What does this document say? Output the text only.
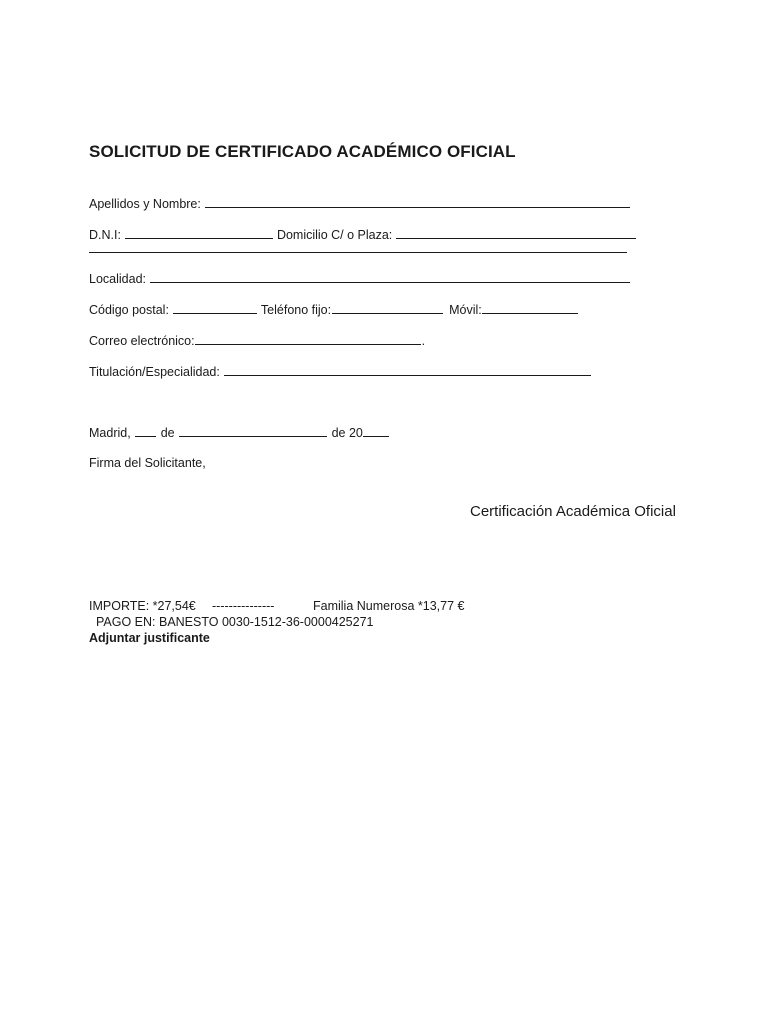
SOLICITUD DE CERTIFICADO ACADÉMICO OFICIAL
Apellidos y Nombre:
D.N.I:	Domicilio C/ o Plaza:
Localidad:
Código postal:	Teléfono fijo:	Móvil:
Correo electrónico:	.
Titulación/Especialidad:
Madrid, de	de 20
Firma del Solicitante,
Certificación Académica Oficial
IMPORTE: *27,54€ ---------------	Familia Numerosa *13,77 €
PAGO EN: BANESTO 0030-1512-36-0000425271
Adjuntar justificante
